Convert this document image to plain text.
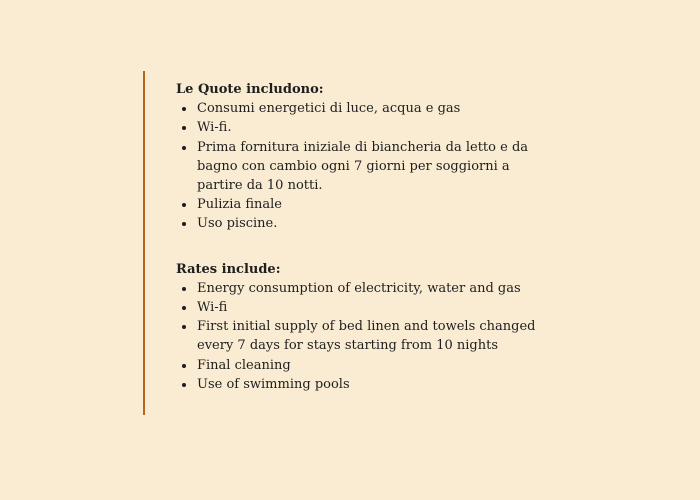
Le Quote includono:

Consumi energetici di luce, acqua e gas
Wi-fi.
Prima fornitura iniziale di biancheria da letto e da bagno con cambio ogni 7 giorni per soggiorni a partire da 10 notti.
Pulizia finale
Uso piscine.

Rates include:

Energy consumption of electricity, water and gas
Wi-fi
First initial supply of bed linen and towels changed every 7 days for stays starting from 10 nights
Final cleaning
Use of swimming pools
